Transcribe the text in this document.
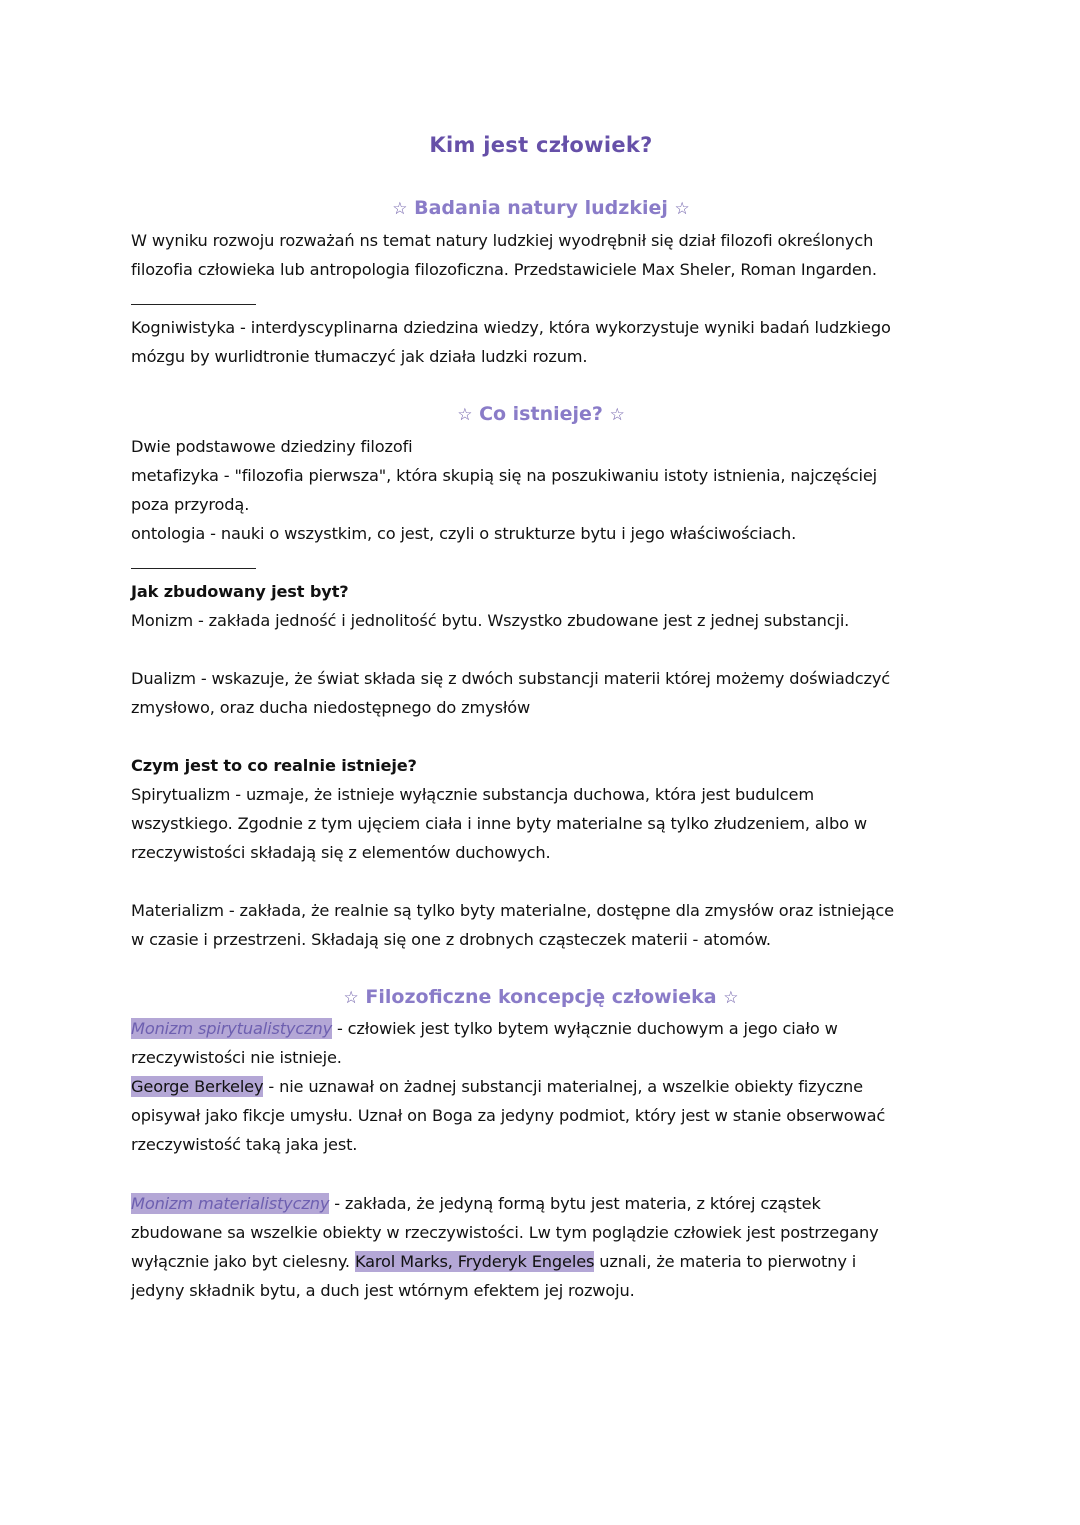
Kim jest człowiek?
☆ Badania natury ludzkiej ☆
W wyniku rozwoju rozważań ns temat natury ludzkiej wyodrębnił się dział filozofi określonych
filozofia człowieka lub antropologia filozoficzna. Przedstawiciele Max Sheler, Roman Ingarden.
Kogniwistyka - interdyscyplinarna dziedzina wiedzy, która wykorzystuje wyniki badań ludzkiego
mózgu by wurlidtronie tłumaczyć jak działa ludzki rozum.
☆ Co istnieje? ☆
Dwie podstawowe dziedziny filozofi
metafizyka - "filozofia pierwsza", która skupią się na poszukiwaniu istoty istnienia, najczęściej
poza przyrodą.
ontologia - nauki o wszystkim, co jest, czyli o strukturze bytu i jego właściwościach.
Jak zbudowany jest byt?
Monizm - zakłada jedność i jednolitość bytu. Wszystko zbudowane jest z jednej substancji.
Dualizm - wskazuje, że świat składa się z dwóch substancji materii której możemy doświadczyć
zmysłowo, oraz ducha niedostępnego do zmysłów
Czym jest to co realnie istnieje?
Spirytualizm - uzmaje, że istnieje wyłącznie substancja duchowa, która jest budulcem
wszystkiego. Zgodnie z tym ujęciem ciała i inne byty materialne są tylko złudzeniem, albo w
rzeczywistości składają się z elementów duchowych.
Materializm - zakłada, że realnie są tylko byty materialne, dostępne dla zmysłów oraz istniejące
w czasie i przestrzeni. Składają się one z drobnych cząsteczek materii - atomów.
☆ Filozoficzne koncepcję człowieka ☆
Monizm spirytualistyczny - człowiek jest tylko bytem wyłącznie duchowym a jego ciało w
rzeczywistości nie istnieje.
George Berkeley - nie uznawał on żadnej substancji materialnej, a wszelkie obiekty fizyczne
opisywał jako fikcje umysłu. Uznał on Boga za jedyny podmiot, który jest w stanie obserwować
rzeczywistość taką jaka jest.
Monizm materialistyczny - zakłada, że jedyną formą bytu jest materia, z której cząstek
zbudowane sa wszelkie obiekty w rzeczywistości. Lw tym poglądzie człowiek jest postrzegany
wyłącznie jako byt cielesny. Karol Marks, Fryderyk Engeles uznali, że materia to pierwotny i
jedyny składnik bytu, a duch jest wtórnym efektem jej rozwoju.
